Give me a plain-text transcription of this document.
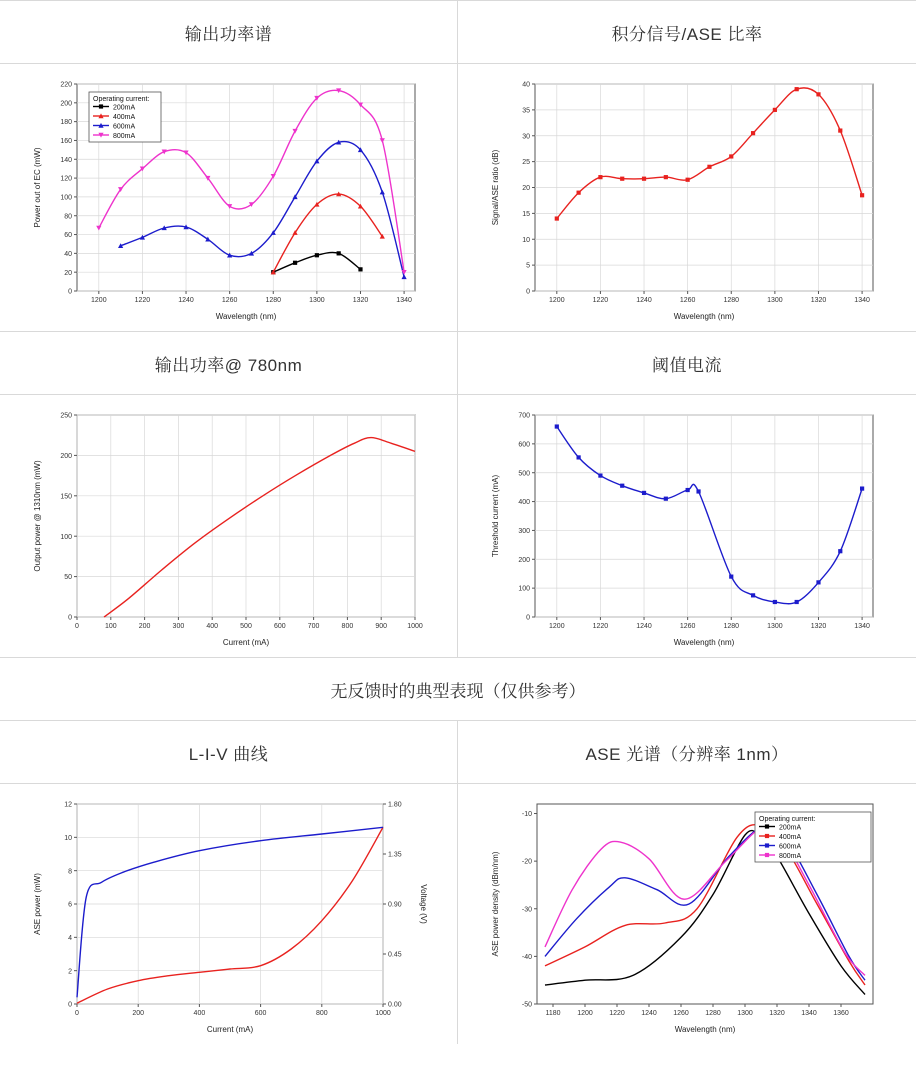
输出功率谱	积分信号/ASE 比率
0
20
40
60
80
100
120
140
160
180
200
220
1200	1220	1240	1260	1280	1300	1320	1340
Wavelength (nm)
Power out of EC (mW)
Operating current:
200mA
400mA
600mA
800mA
0
5
10
15
20
25
30
35
40
1200	1220	1240	1260	1280	1300	1320	1340
Wavelength (nm)
Signal/ASE ratio (dB)
输出功率@ 780nm	阈值电流
0
50
100
150
200
250
0	100	200	300	400	500	600	700	800	900	1000
Current (mA)
Output power @ 1310nm (mW)
0
100
200
300
400
500
600
700
1200	1220	1240	1260	1280	1300	1320	1340
Wavelength (nm)
Threshold current (mA)
无反馈时的典型表现（仅供参考）
L-I-V 曲线	ASE 光谱（分辨率 1nm）
0
2
4
6
8
10
12
0	200	400	600	800	1000
Current (mA)
ASE power (mW)
0.00
0.45
0.90
1.35
1.80
Voltage (V)
-10
-20
-30
-40
-50
1180 1200 1220 1240 1260 1280 1300 1320 1340 1360
Wavelength (nm)
ASE power density (dBm/nm)
Operating current:
200mA
400mA
600mA
800mA
